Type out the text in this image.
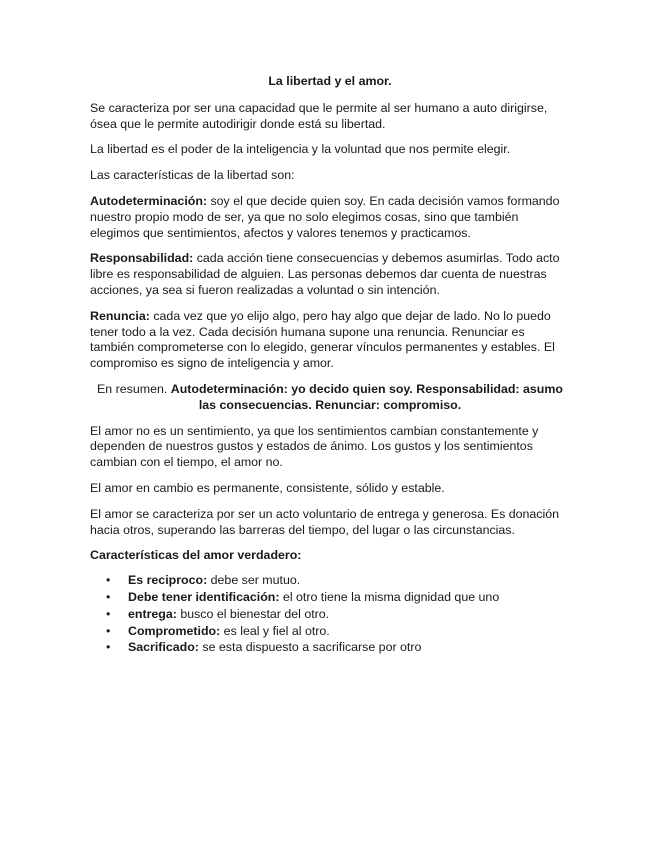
La libertad y el amor.

Se caracteriza por ser una capacidad que le permite al ser humano a auto dirigirse, ósea que le permite autodirigir donde está su libertad.

La libertad es el poder de la inteligencia y la voluntad que nos permite elegir.

Las características de la libertad son:

Autodeterminación: soy el que decide quien soy. En cada decisión vamos formando nuestro propio modo de ser, ya que no solo elegimos cosas, sino que también elegimos que sentimientos, afectos y valores tenemos y practicamos.

Responsabilidad: cada acción tiene consecuencias y debemos asumirlas. Todo acto libre es responsabilidad de alguien. Las personas debemos dar cuenta de nuestras acciones, ya sea si fueron realizadas a voluntad o sin intención.

Renuncia: cada vez que yo elijo algo, pero hay algo que dejar de lado. No lo puedo tener todo a la vez. Cada decisión humana supone una renuncia. Renunciar es también comprometerse con lo elegido, generar vínculos permanentes y estables. El compromiso es signo de inteligencia y amor.

En resumen. Autodeterminación: yo decido quien soy. Responsabilidad: asumo las consecuencias. Renunciar: compromiso.

El amor no es un sentimiento, ya que los sentimientos cambian constantemente y dependen de nuestros gustos y estados de ánimo. Los gustos y los sentimientos cambian con el tiempo, el amor no.

El amor en cambio es permanente, consistente, sólido y estable.

El amor se caracteriza por ser un acto voluntario de entrega y generosa. Es donación hacia otros, superando las barreras del tiempo, del lugar o las circunstancias.

Características del amor verdadero:
• Es reciproco: debe ser mutuo.
• Debe tener identificación: el otro tiene la misma dignidad que uno
• entrega: busco el bienestar del otro.
• Comprometido: es leal y fiel al otro.
• Sacrificado: se esta dispuesto a sacrificarse por otro
